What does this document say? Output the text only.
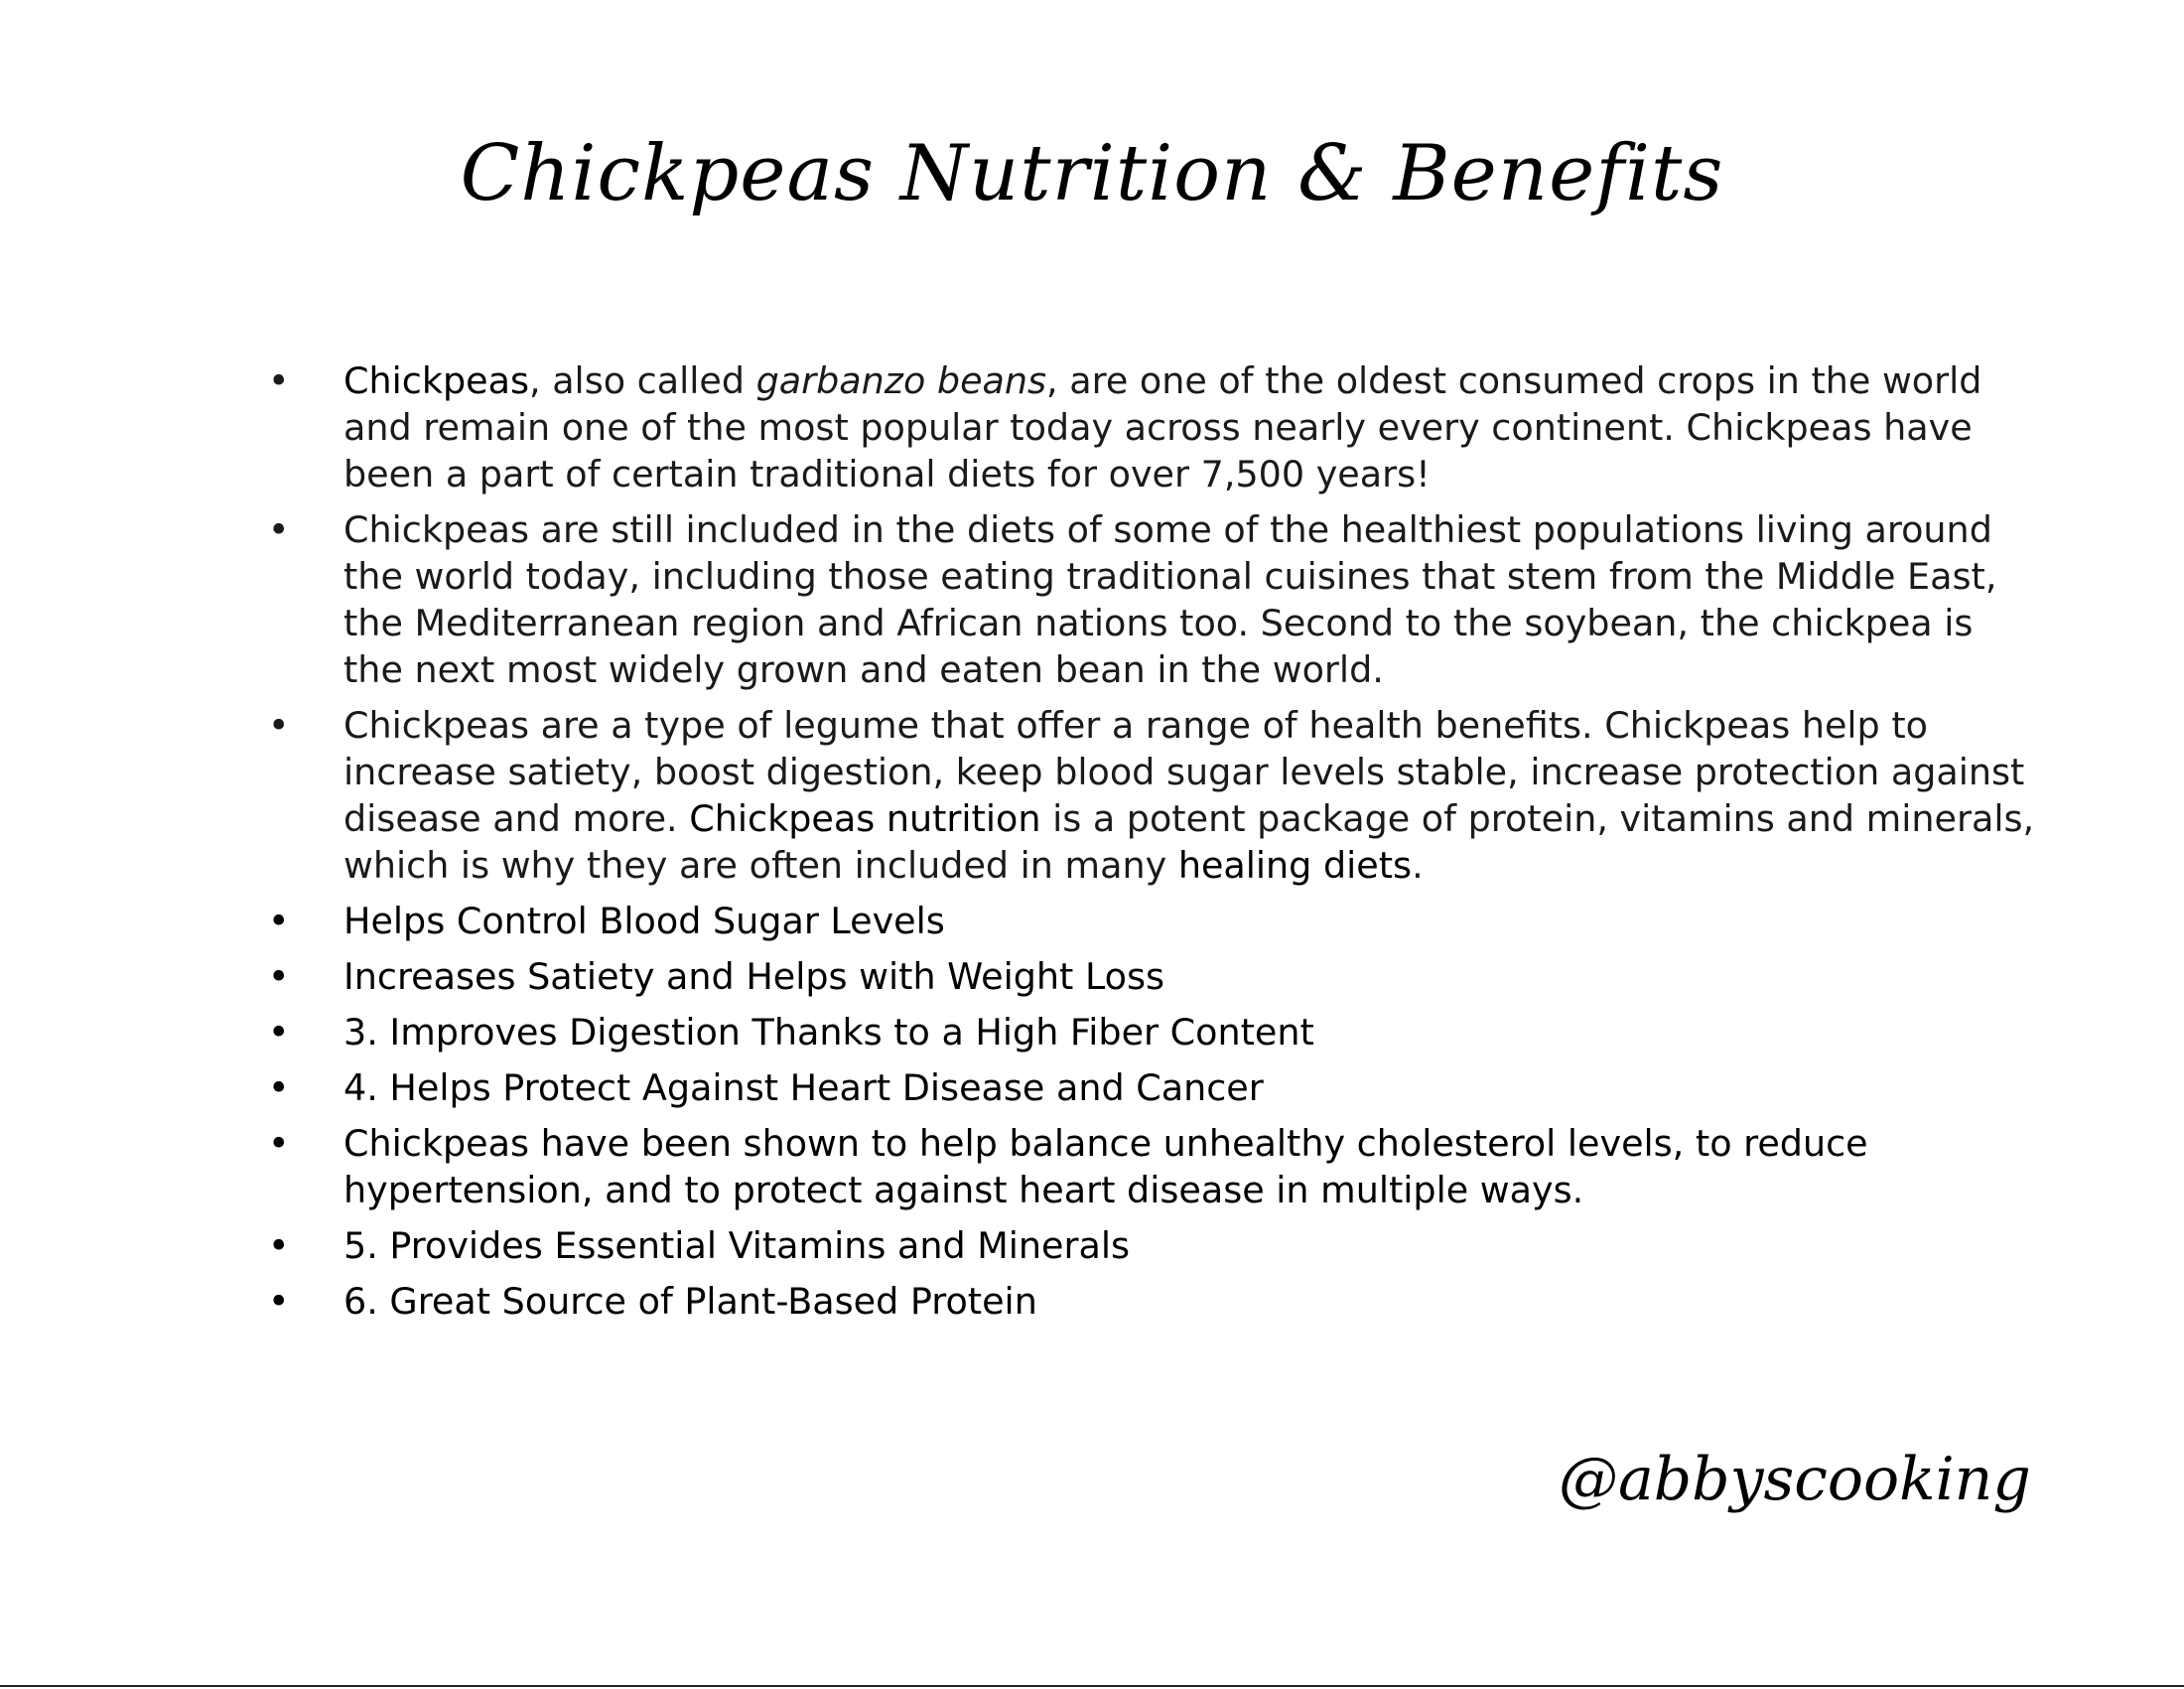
Chickpeas Nutrition & Benefits
• Chickpeas, also called garbanzo beans, are one of the oldest consumed crops in the world and remain one of the most popular today across nearly every continent. Chickpeas have been a part of certain traditional diets for over 7,500 years!
• Chickpeas are still included in the diets of some of the healthiest populations living around the world today, including those eating traditional cuisines that stem from the Middle East, the Mediterranean region and African nations too. Second to the soybean, the chickpea is the next most widely grown and eaten bean in the world.
• Chickpeas are a type of legume that offer a range of health benefits. Chickpeas help to increase satiety, boost digestion, keep blood sugar levels stable, increase protection against disease and more. Chickpeas nutrition is a potent package of protein, vitamins and minerals, which is why they are often included in many healing diets.
• Helps Control Blood Sugar Levels
• Increases Satiety and Helps with Weight Loss
• 3. Improves Digestion Thanks to a High Fiber Content
• 4. Helps Protect Against Heart Disease and Cancer
• Chickpeas have been shown to help balance unhealthy cholesterol levels, to reduce hypertension, and to protect against heart disease in multiple ways.
• 5. Provides Essential Vitamins and Minerals
• 6. Great Source of Plant-Based Protein

@abbyscooking
